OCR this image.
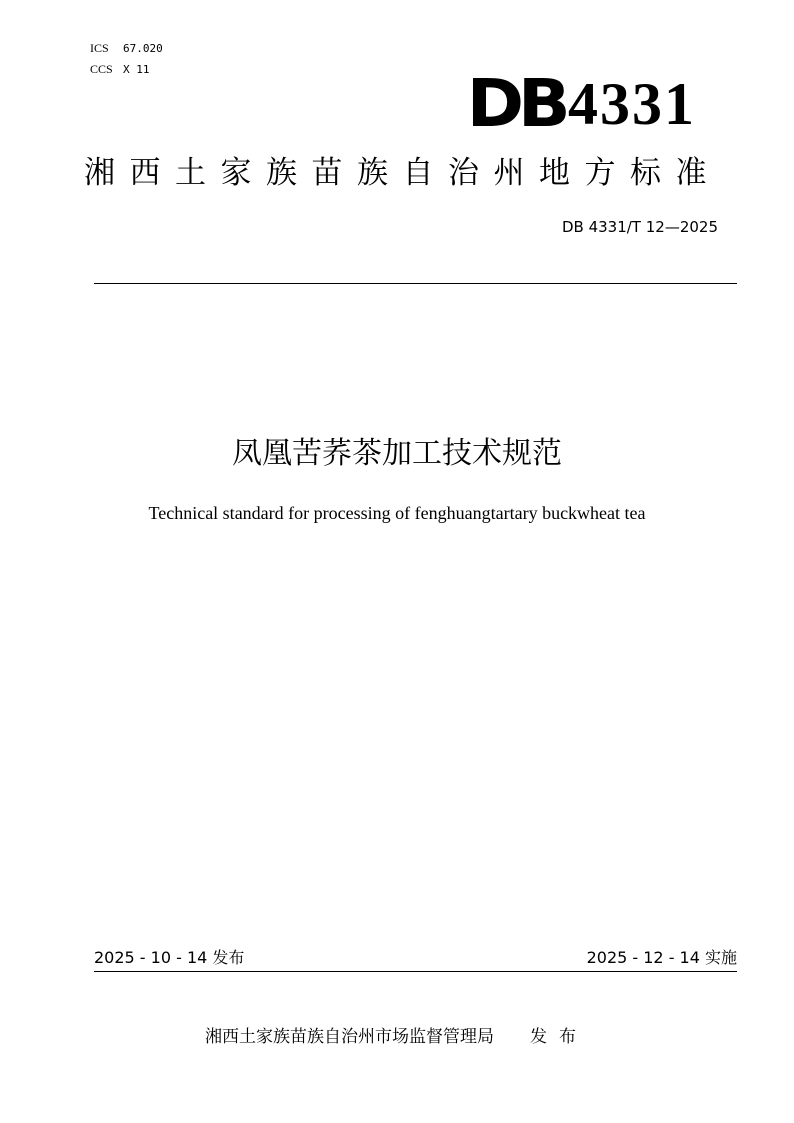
ICS 67.020
CCS X 11	DB 4331
湘西土家族苗族自治州地方标准
DB 4331/T 12—2025
凤凰苦荞茶加工技术规范
Technical standard for processing of fenghuangtartary buckwheat tea
2025 - 10 - 14 发布	2025 - 12 - 14 实施
湘西土家族苗族自治州市场监督管理局 发布
